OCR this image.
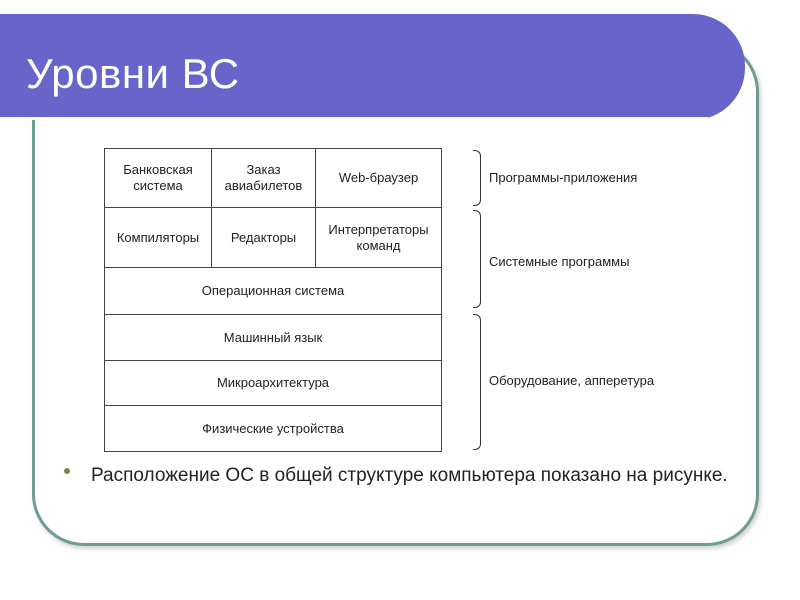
Уровни ВС
Банковская система
Заказ авиабилетов
Web-браузер
Компиляторы	Редакторы
Интерпретаторы команд
Операционная система
Машинный язык
Микроархитектура
Физические устройства
Программы-приложения
Системные программы
Оборудование, апперетура
Расположение ОС в общей структуре компьютера показано на рисунке.
